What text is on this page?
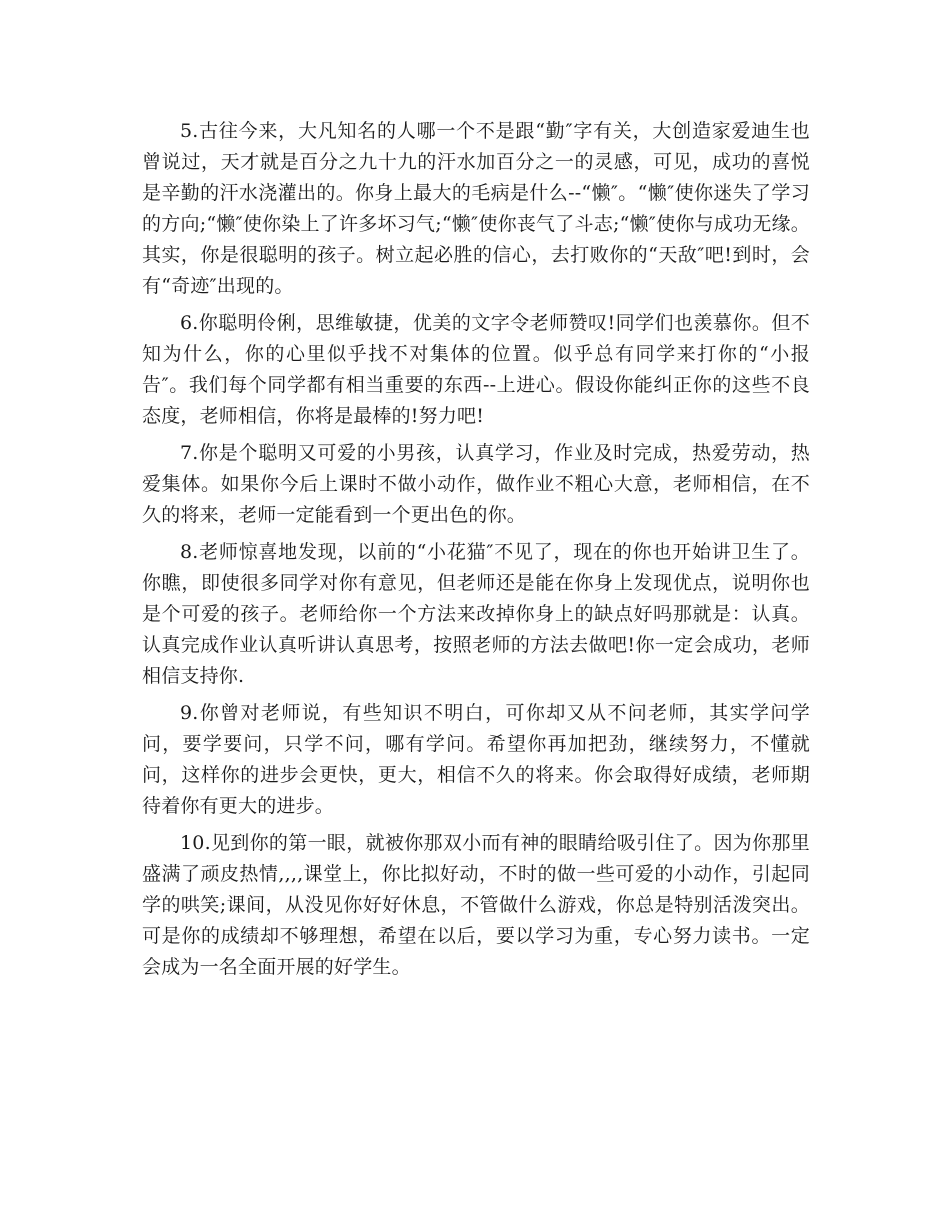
5.古往今来，大凡知名的人哪一个不是跟“勤″字有关，大创造家爱迪生也曾说过，天才就是百分之九十九的汗水加百分之一的灵感，可见，成功的喜悦是辛勤的汗水浇灌出的。你身上最大的毛病是什么--“懒″。“懒″使你迷失了学习的方向;“懒″使你染上了许多坏习气;“懒″使你丧气了斗志;“懒″使你与成功无缘。其实，你是很聪明的孩子。树立起必胜的信心，去打败你的“天敌″吧!到时，会有“奇迹″出现的。

6.你聪明伶俐，思维敏捷，优美的文字令老师赞叹!同学们也羡慕你。但不知为什么，你的心里似乎找不对集体的位置。似乎总有同学来打你的“小报告″。我们每个同学都有相当重要的东西--上进心。假设你能纠正你的这些不良态度，老师相信，你将是最棒的!努力吧!

7.你是个聪明又可爱的小男孩，认真学习，作业及时完成，热爱劳动，热爱集体。如果你今后上课时不做小动作，做作业不粗心大意，老师相信，在不久的将来，老师一定能看到一个更出色的你。

8.老师惊喜地发现，以前的“小花猫″不见了，现在的你也开始讲卫生了。你瞧，即使很多同学对你有意见，但老师还是能在你身上发现优点，说明你也是个可爱的孩子。老师给你一个方法来改掉你身上的缺点好吗那就是：认真。认真完成作业认真听讲认真思考，按照老师的方法去做吧!你一定会成功，老师相信支持你.

9.你曾对老师说，有些知识不明白，可你却又从不问老师，其实学问学问，要学要问，只学不问，哪有学问。希望你再加把劲，继续努力，不懂就问，这样你的进步会更快，更大，相信不久的将来。你会取得好成绩，老师期待着你有更大的进步。

10.见到你的第一眼，就被你那双小而有神的眼睛给吸引住了。因为你那里盛满了顽皮热情,,,,课堂上，你比拟好动，不时的做一些可爱的小动作，引起同学的哄笑;课间，从没见你好好休息，不管做什么游戏，你总是特别活泼突出。可是你的成绩却不够理想，希望在以后，要以学习为重，专心努力读书。一定会成为一名全面开展的好学生。
